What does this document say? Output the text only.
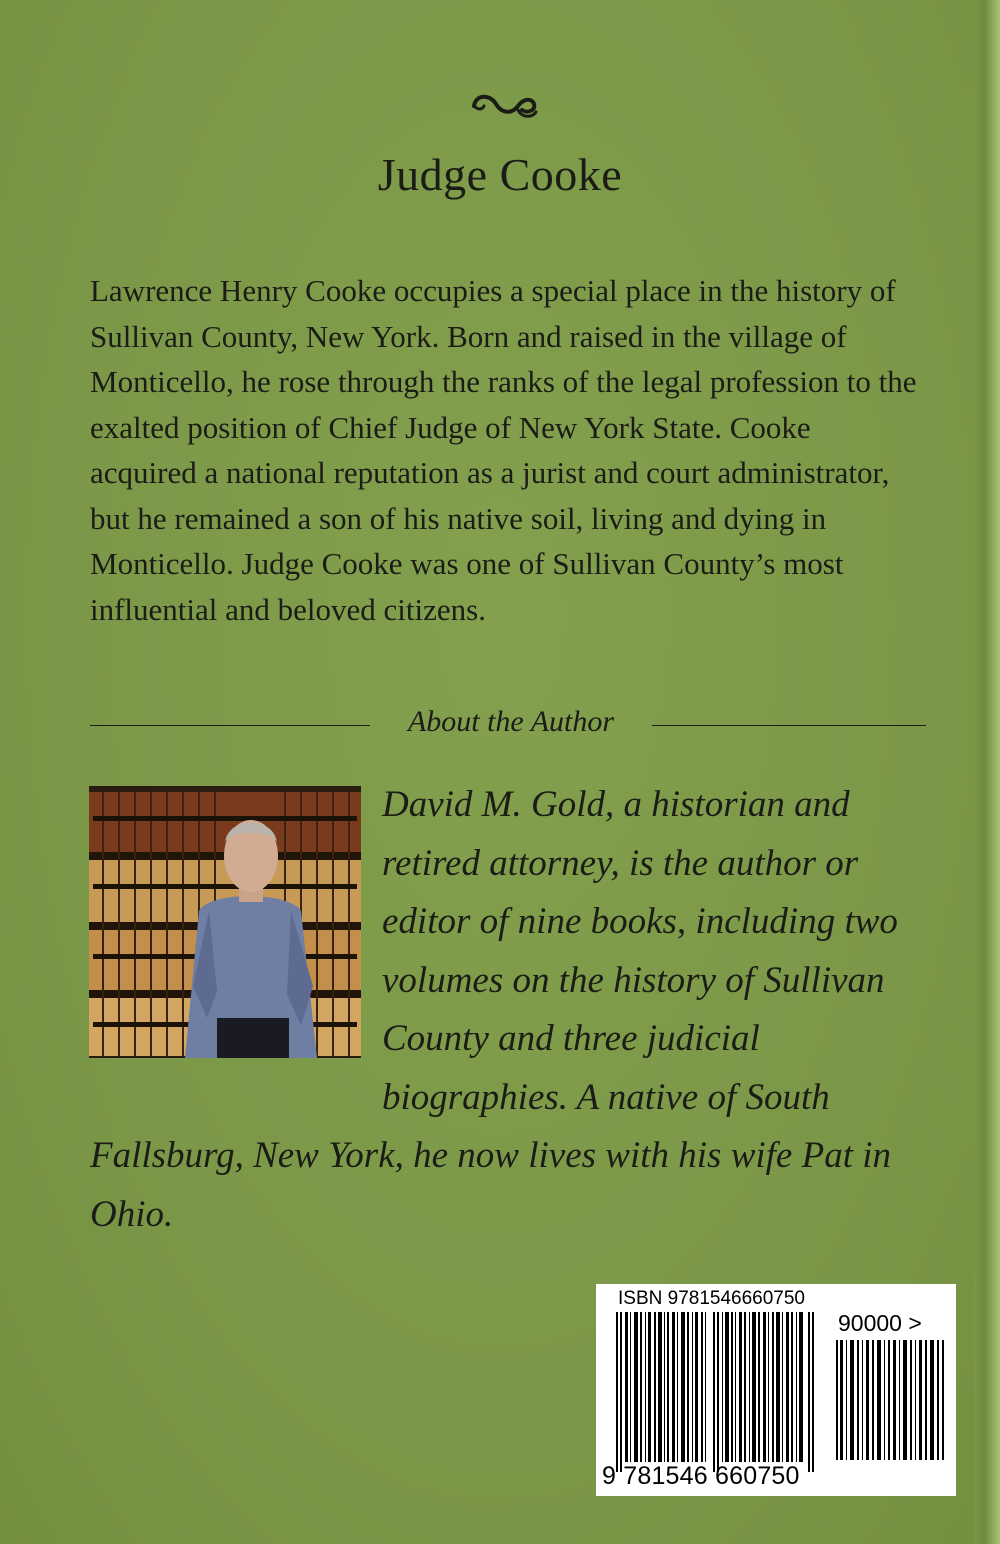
Judge Cooke

Lawrence Henry Cooke occupies a special place in the history of Sullivan County, New York. Born and raised in the village of Monticello, he rose through the ranks of the legal profession to the exalted position of Chief Judge of New York State. Cooke acquired a national reputation as a jurist and court administrator, but he remained a son of his native soil, living and dying in Monticello. Judge Cooke was one of Sullivan County’s most influential and beloved citizens.

About the Author

David M. Gold, a historian and retired attorney, is the author or editor of nine books, including two volumes on the history of Sullivan County and three judicial biographies. A native of South Fallsburg, New York, he now lives with his wife Pat in Ohio.

ISBN 9781546660750
90000 >
9 781546 660750
